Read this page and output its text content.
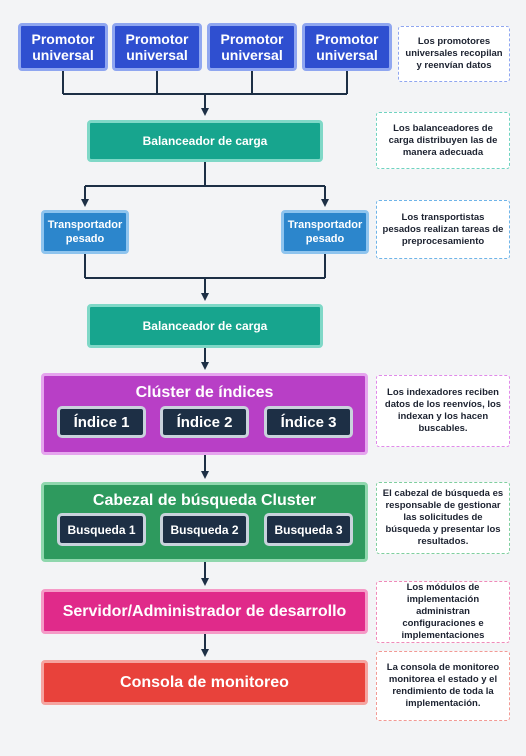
Promotor universal
Promotor universal
Promotor universal
Promotor universal
Balanceador de carga
Transportador pesado
Transportador pesado
Balanceador de carga
Clúster de índices
Índice 1	Índice 2	Índice 3
Cabezal de búsqueda Cluster
Busqueda 1	Busqueda 2	Busqueda 3
Servidor/Administrador de desarrollo
Consola de monitoreo
Los promotores universales recopilan y reenvían datos
Los balanceadores de carga distribuyen las de manera adecuada
Los transportistas pesados realizan tareas de preprocesamiento
Los indexadores reciben datos de los reenvíos, los indexan y los hacen buscables.
El cabezal de búsqueda es responsable de gestionar las solicitudes de búsqueda y presentar los resultados.
Los módulos de implementación administran configuraciones e implementaciones
La consola de monitoreo monitorea el estado y el rendimiento de toda la implementación.
